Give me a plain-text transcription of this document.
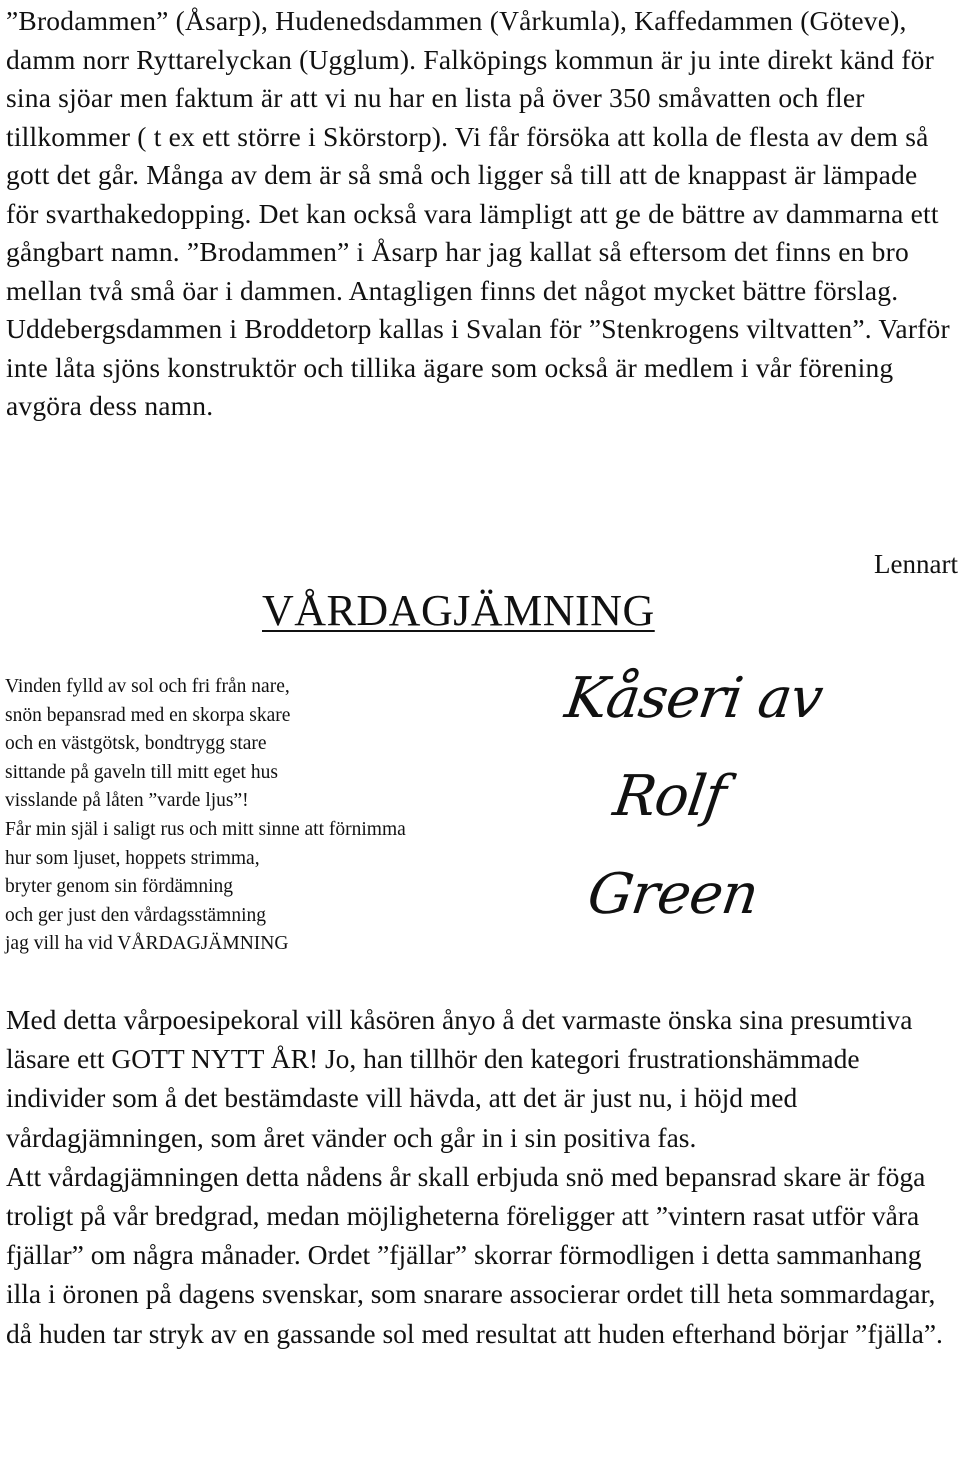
”Brodammen” (Åsarp), Hudenedsdammen (Vårkumla), Kaffedammen (Göteve), damm norr Ryttarelyckan (Ugglum). Falköpings kommun är ju inte direkt känd för sina sjöar men faktum är att vi nu har en lista på över 350 småvatten och fler tillkommer ( t ex ett större i Skörstorp). Vi får försöka att kolla de flesta av dem så gott det går. Många av dem är så små och ligger så till att de knappast är lämpade för svarthakedopping. Det kan också vara lämpligt att ge de bättre av dammarna ett gångbart namn. ”Brodammen” i Åsarp har jag kallat så eftersom det finns en bro mellan två små öar i dammen. Antagligen finns det något mycket bättre förslag. Uddebergsdammen i Broddetorp kallas i Svalan för ”Stenkrogens viltvatten”. Varför inte låta sjöns konstruktör och tillika ägare som också är medlem i vår förening avgöra dess namn.

Lennart

VÅRDAGJÄMNING
Vinden fylld av sol och fri från nare,
snön bepansrad med en skorpa skare
och en västgötsk, bondtrygg stare
sittande på gaveln till mitt eget hus
visslande på låten ”varde ljus”!
Får min själ i saligt rus och mitt sinne att förnimma
hur som ljuset, hoppets strimma,
bryter genom sin fördämning
och ger just den vårdagsstämning
jag vill ha vid VÅRDAGJÄMNING
Kåseri av
Rolf
Green

Med detta vårpoesipekoral vill kåsören ånyo å det varmaste önska sina presumtiva läsare ett GOTT NYTT ÅR! Jo, han tillhör den kategori frustrationshämmade individer som å det bestämdaste vill hävda, att det är just nu, i höjd med vårdagjämningen, som året vänder och går in i sin positiva fas.

Att vårdagjämningen detta nådens år skall erbjuda snö med bepansrad skare är föga troligt på vår bredgrad, medan möjligheterna föreligger att ”vintern rasat utför våra fjällar” om några månader. Ordet ”fjällar” skorrar förmodligen i detta sammanhang illa i öronen på dagens svenskar, som snarare associerar ordet till heta sommardagar, då huden tar stryk av en gassande sol med resultat att huden efterhand börjar ”fjälla”.
